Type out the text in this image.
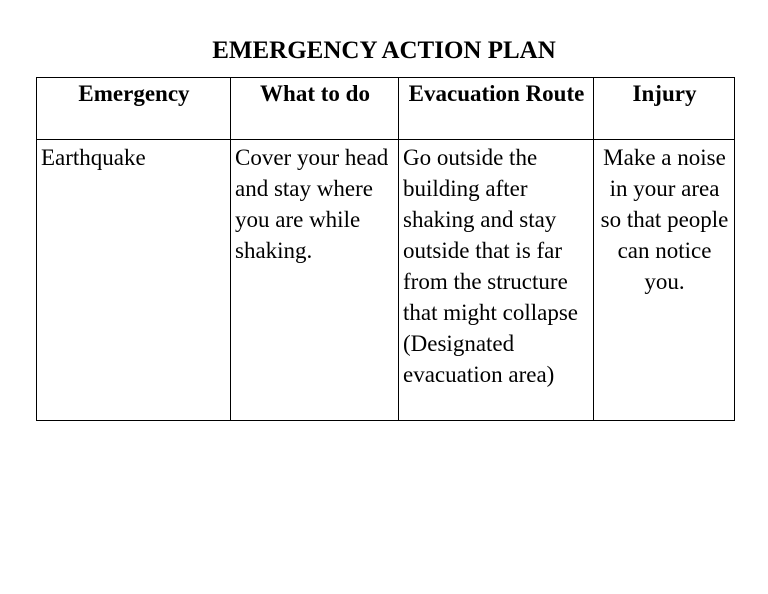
EMERGENCY ACTION PLAN
Emergency	What to do	Evacuation Route	Injury
Earthquake	Cover your head and stay where you are while shaking.	Go outside the building after shaking and stay outside that is far from the structure that might collapse (Designated evacuation area)	Make a noise in your area so that people can notice you.
